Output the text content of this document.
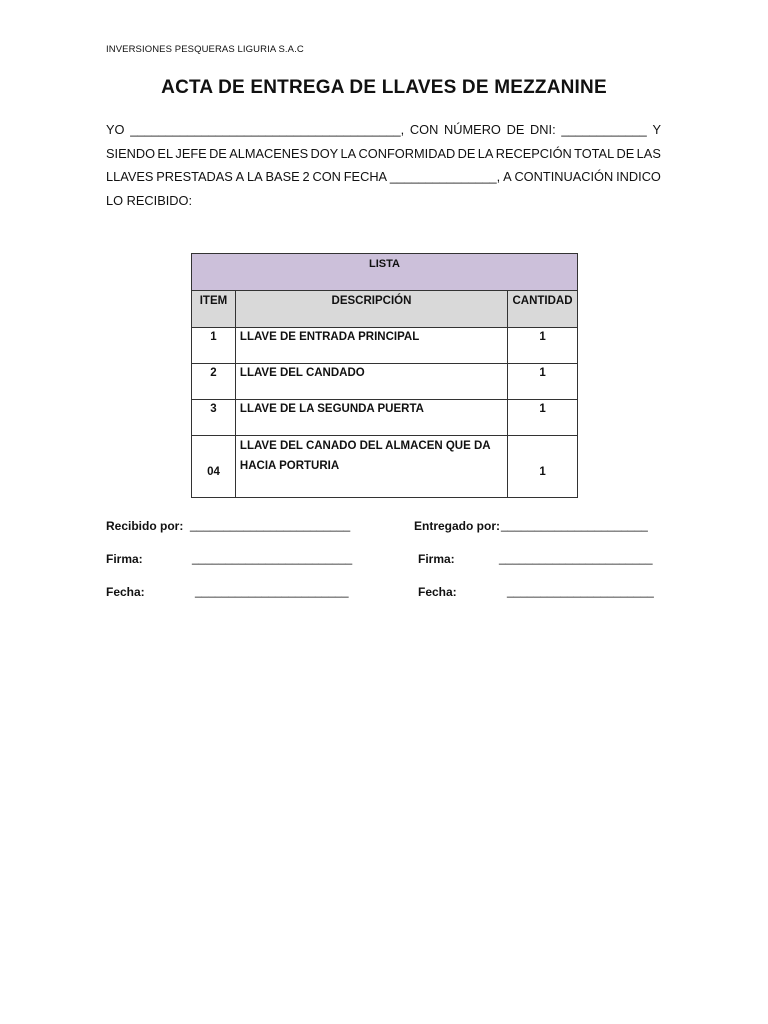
INVERSIONES PESQUERAS LIGURIA S.A.C
ACTA DE ENTREGA DE LLAVES DE MEZZANINE
YO ______________________________________, CON NÚMERO DE DNI: ____________ Y
SIENDO EL JEFE DE ALMACENES DOY LA CONFORMIDAD DE LA RECEPCIÓN TOTAL DE LAS
LLAVES PRESTADAS A LA BASE 2 CON FECHA _______________, A CONTINUACIÓN INDICO
LO RECIBIDO:
LISTA		
ITEM	DESCRIPCIÓN	CANTIDAD
1	LLAVE DE ENTRADA PRINCIPAL	1
2	LLAVE DEL CANDADO	1
3	LLAVE DE LA SEGUNDA PUERTA	1
04	LLAVE DEL CANADO DEL ALMACEN QUE DA
HACIA PORTURIA	1
Recibido por: ________________________	Entregado por: ______________________
Firma:	________________________	Firma:	_______________________
Fecha:	_______________________	Fecha:	______________________
